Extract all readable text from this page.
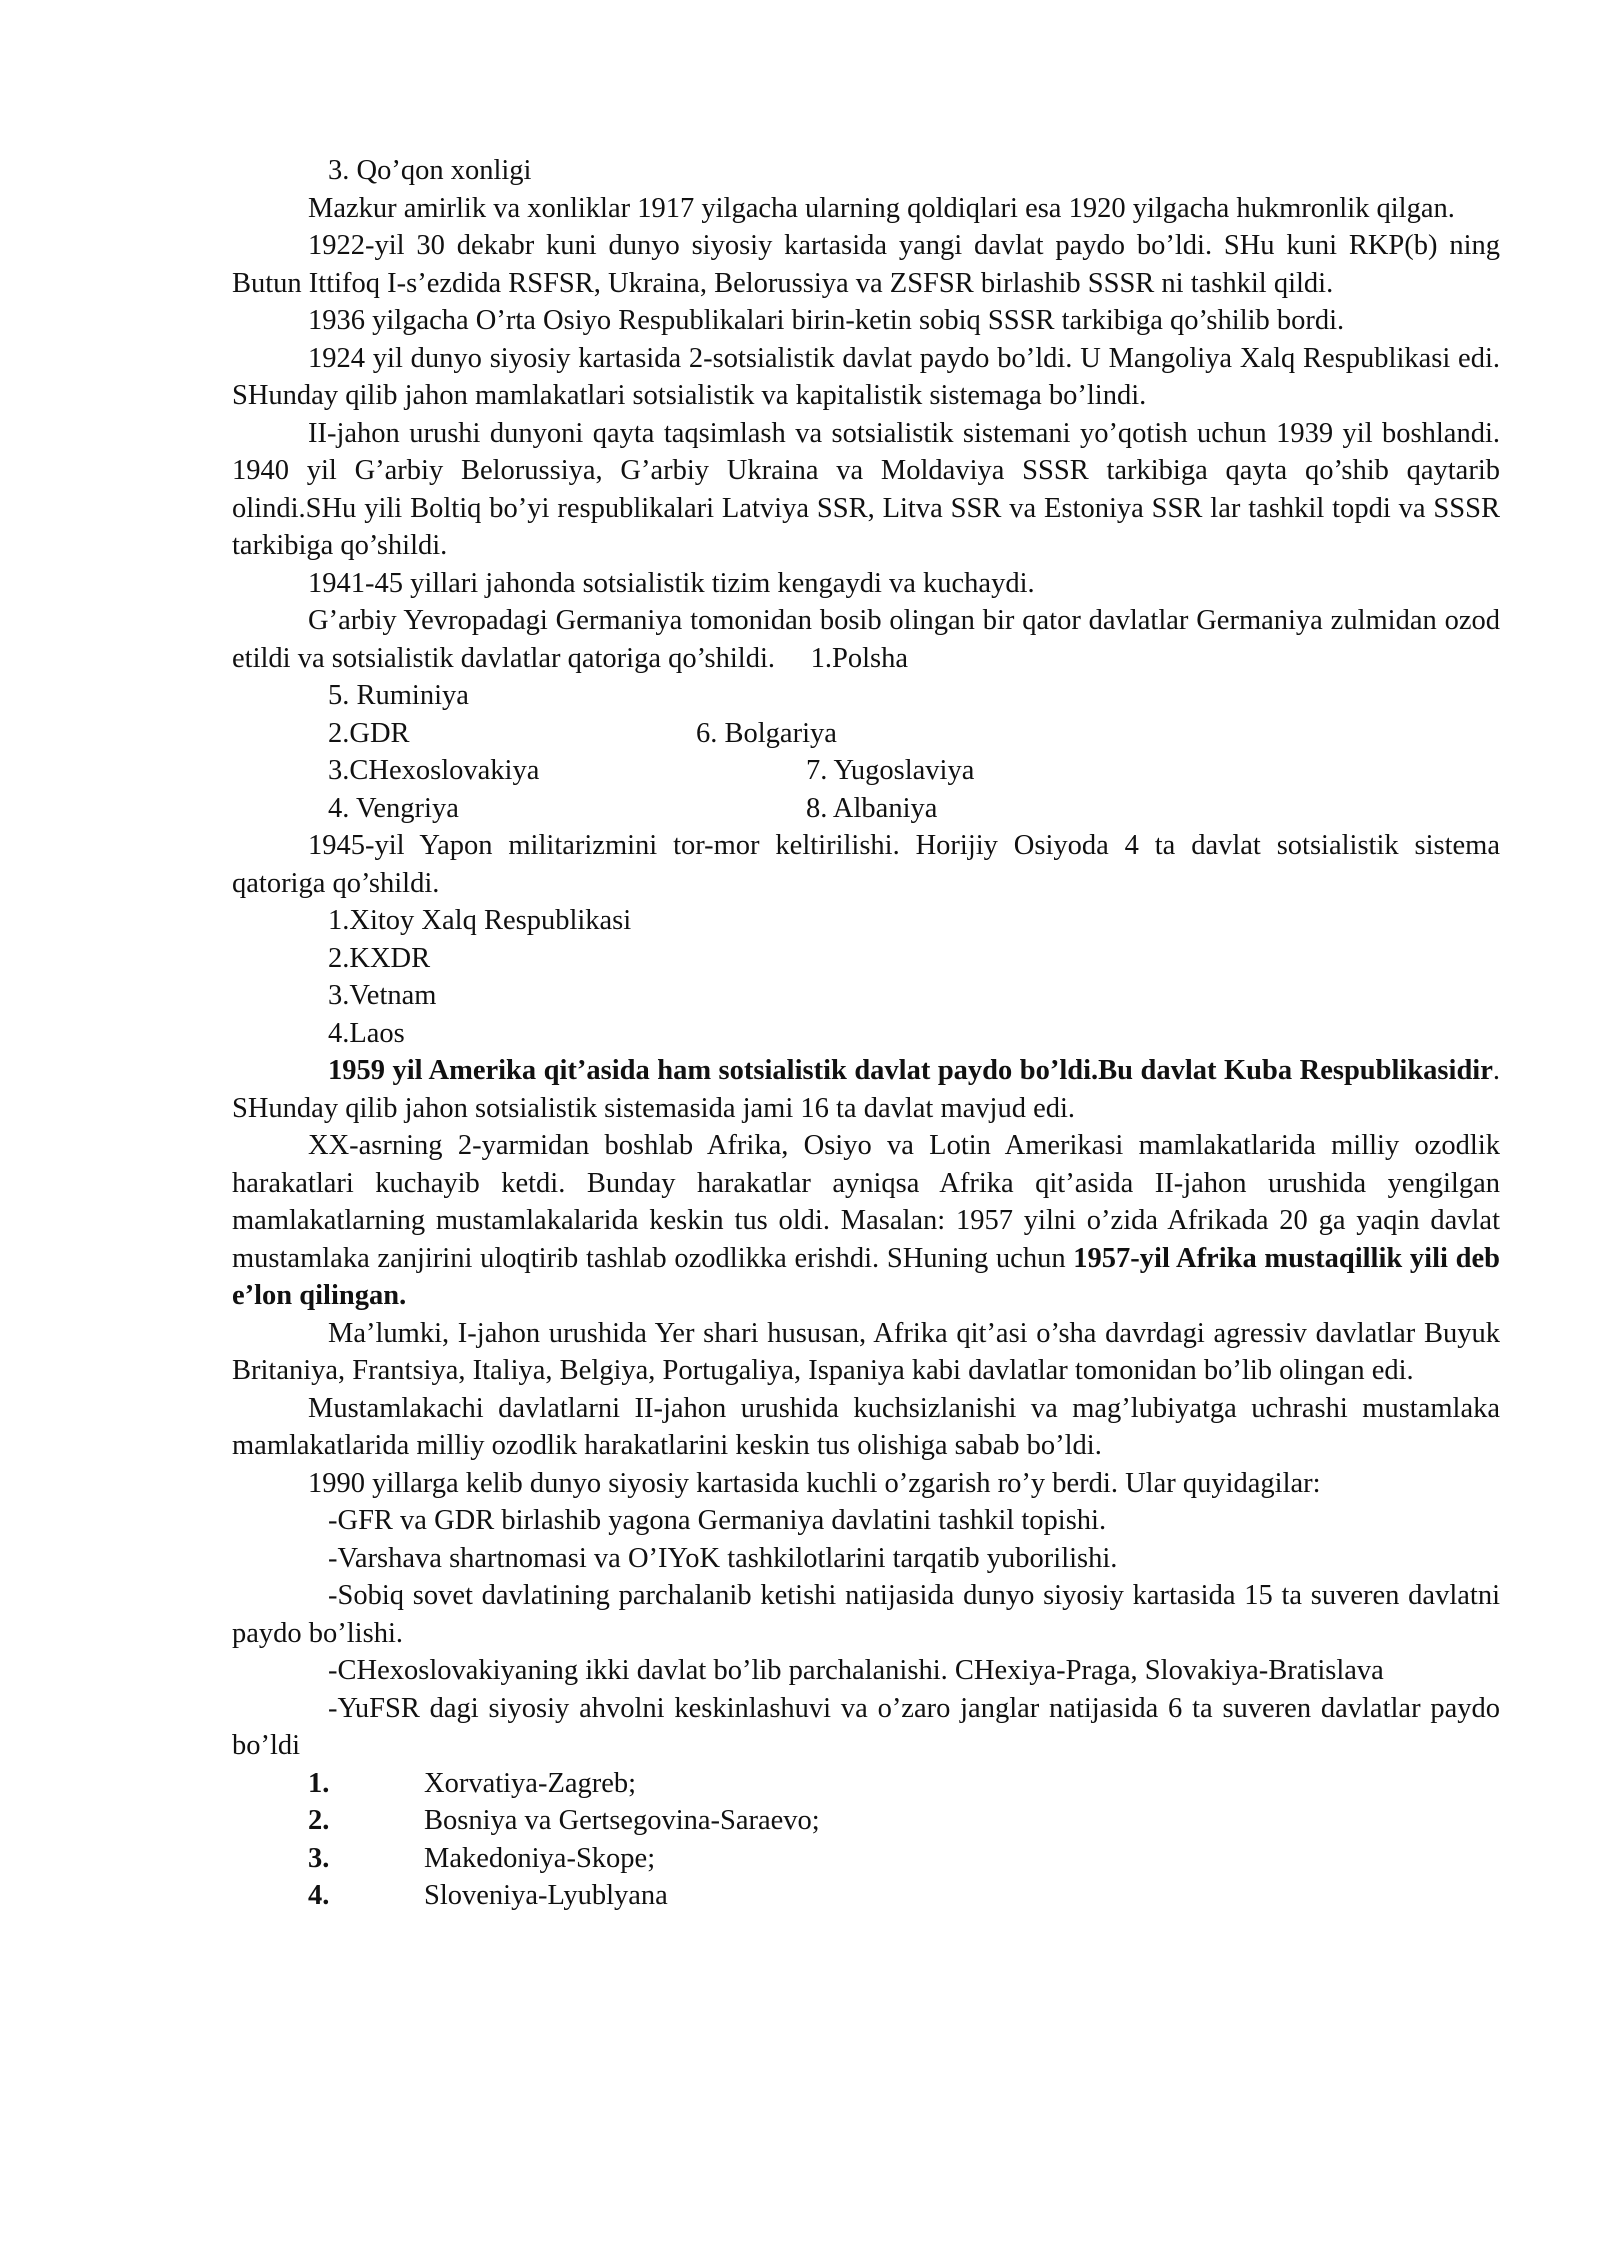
3. Qo’qon xonligi

Mazkur amirlik va xonliklar 1917 yilgacha ularning qoldiqlari esa 1920 yilgacha hukmronlik qilgan.

1922-yil 30 dekabr kuni dunyo siyosiy kartasida yangi davlat paydo bo’ldi. SHu kuni RKP(b) ning Butun Ittifoq I-s’ezdida RSFSR, Ukraina, Belorussiya va ZSFSR birlashib SSSR ni tashkil qildi.

1936 yilgacha O’rta Osiyo Respublikalari birin-ketin sobiq SSSR tarkibiga qo’shilib bordi.

1924 yil dunyo siyosiy kartasida 2-sotsialistik davlat paydo bo’ldi. U Mangoliya Xalq Respublikasi edi. SHunday qilib jahon mamlakatlari sotsialistik va kapitalistik sistemaga bo’lindi.

II-jahon urushi dunyoni qayta taqsimlash va sotsialistik sistemani yo’qotish uchun 1939 yil boshlandi. 1940 yil G’arbiy Belorussiya, G’arbiy Ukraina va Moldaviya SSSR tarkibiga qayta qo’shib qaytarib olindi.SHu yili Boltiq bo’yi respublikalari Latviya SSR, Litva SSR va Estoniya SSR lar tashkil topdi va SSSR tarkibiga qo’shildi.

1941-45 yillari jahonda sotsialistik tizim kengaydi va kuchaydi.

G’arbiy Yevropadagi Germaniya tomonidan bosib olingan bir qator davlatlar Germaniya zulmidan ozod etildi va sotsialistik davlatlar qatoriga qo’shildi. 1.Polsha

5. Ruminiya
2.GDR	6. Bolgariya
3.CHexoslovakiya	7. Yugoslaviya
4. Vengriya	8. Albaniya

1945-yil Yapon militarizmini tor-mor keltirilishi. Horijiy Osiyoda 4 ta davlat sotsialistik sistema qatoriga qo’shildi.

1.Xitoy Xalq Respublikasi

2.KXDR

3.Vetnam

4.Laos

1959 yil Amerika qit’asida ham sotsialistik davlat paydo bo’ldi.Bu davlat Kuba Respublikasidir. SHunday qilib jahon sotsialistik sistemasida jami 16 ta davlat mavjud edi.

XX-asrning 2-yarmidan boshlab Afrika, Osiyo va Lotin Amerikasi mamlakatlarida milliy ozodlik harakatlari kuchayib ketdi. Bunday harakatlar ayniqsa Afrika qit’asida II-jahon urushida yengilgan mamlakatlarning mustamlakalarida keskin tus oldi. Masalan: 1957 yilni o’zida Afrikada 20 ga yaqin davlat mustamlaka zanjirini uloqtirib tashlab ozodlikka erishdi. SHuning uchun 1957-yil Afrika mustaqillik yili deb e’lon qilingan.

Ma’lumki, I-jahon urushida Yer shari hususan, Afrika qit’asi o’sha davrdagi agressiv davlatlar Buyuk Britaniya, Frantsiya, Italiya, Belgiya, Portugaliya, Ispaniya kabi davlatlar tomonidan bo’lib olingan edi.

Mustamlakachi davlatlarni II-jahon urushida kuchsizlanishi va mag’lubiyatga uchrashi mustamlaka mamlakatlarida milliy ozodlik harakatlarini keskin tus olishiga sabab bo’ldi.

1990 yillarga kelib dunyo siyosiy kartasida kuchli o’zgarish ro’y berdi. Ular quyidagilar:

-GFR va GDR birlashib yagona Germaniya davlatini tashkil topishi.

-Varshava shartnomasi va O’IYoK tashkilotlarini tarqatib yuborilishi.

-Sobiq sovet davlatining parchalanib ketishi natijasida dunyo siyosiy kartasida 15 ta suveren davlatni paydo bo’lishi.

-CHexoslovakiyaning ikki davlat bo’lib parchalanishi. CHexiya-Praga, Slovakiya-Bratislava

-YuFSR dagi siyosiy ahvolni keskinlashuvi va o’zaro janglar natijasida 6 ta suveren davlatlar paydo bo’ldi

1.	Xorvatiya-Zagreb;
2.	Bosniya va Gertsegovina-Saraevo;
3.	Makedoniya-Skope;
4.	Sloveniya-Lyublyana
